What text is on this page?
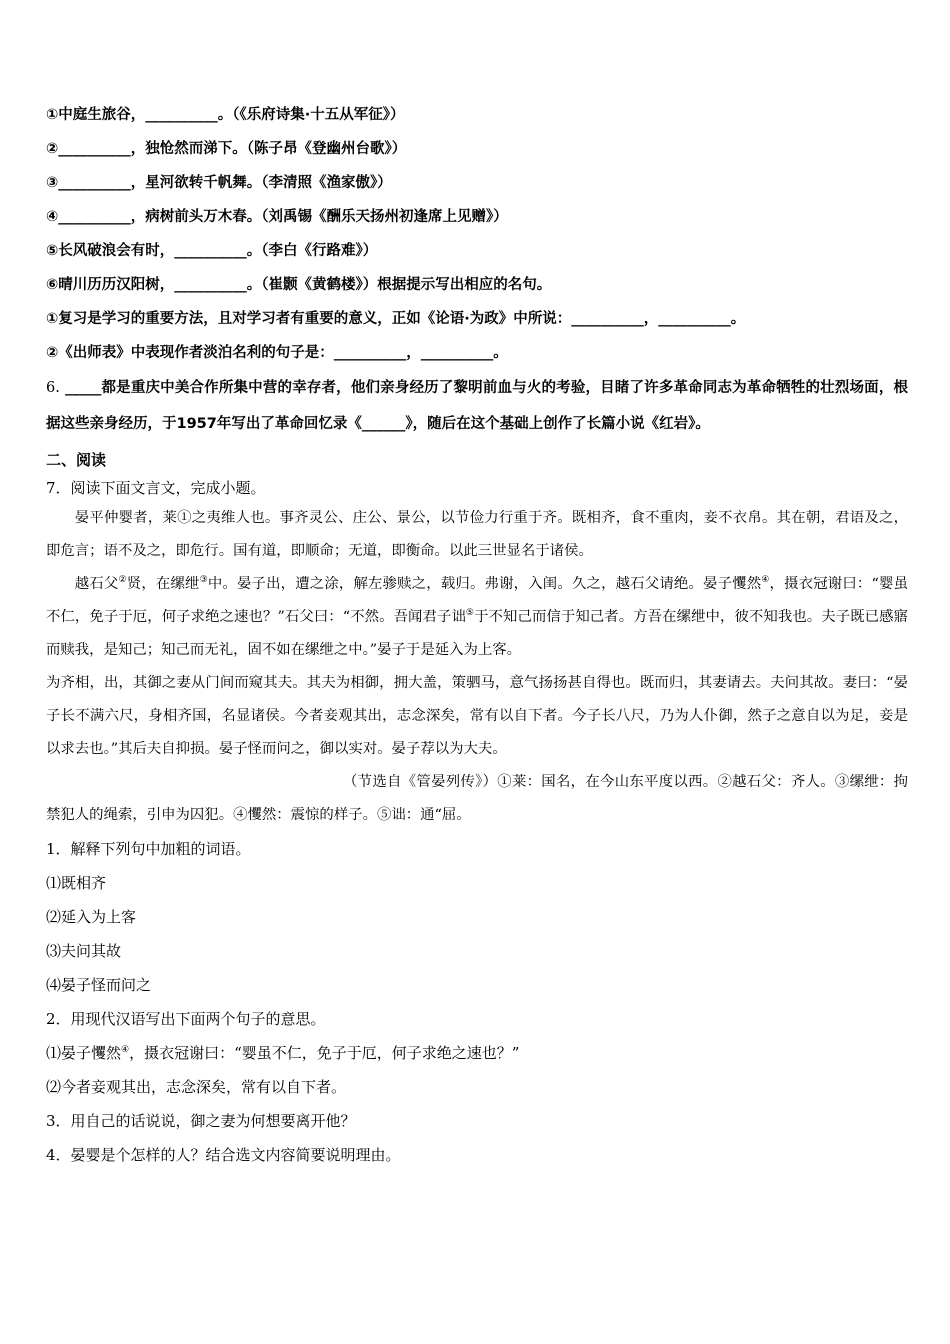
①中庭生旅谷，__________。（《乐府诗集·十五从军征》）

②__________，独怆然而涕下。（陈子昂《登幽州台歌》）

③__________，星河欲转千帆舞。（李清照《渔家傲》）

④__________，病树前头万木春。（刘禹锡《酬乐天扬州初逢席上见赠》）

⑤长风破浪会有时，__________。（李白《行路难》）

⑥晴川历历汉阳树，__________。（崔颢《黄鹤楼》）根据提示写出相应的名句。

①复习是学习的重要方法，且对学习者有重要的意义，正如《论语·为政》中所说：__________，__________。

②《出师表》中表现作者淡泊名利的句子是：__________，__________。

6. _____都是重庆中美合作所集中营的幸存者，他们亲身经历了黎明前血与火的考验，目睹了许多革命同志为革命牺牲的壮烈场面，根据这些亲身经历，于1957年写出了革命回忆录《______》，随后在这个基础上创作了长篇小说《红岩》。

二、阅读

7．阅读下面文言文，完成小题。

晏平仲婴者，莱①之夷维人也。事齐灵公、庄公、景公，以节俭力行重于齐。既相齐，食不重肉，妾不衣帛。其在朝，君语及之，即危言；语不及之，即危行。国有道，即顺命；无道，即衡命。以此三世显名于诸侯。

越石父②贤，在缧绁③中。晏子出，遭之涂，解左骖赎之，载归。弗谢，入闺。久之，越石父请绝。晏子戄然④，摄衣冠谢曰：“婴虽不仁，免子于厄，何子求绝之速也？”石父曰：“不然。吾闻君子诎⑤于不知己而信于知己者。方吾在缧绁中，彼不知我也。夫子既已感寤而赎我，是知己；知己而无礼，固不如在缧绁之中。”晏子于是延入为上客。

为齐相，出，其御之妻从门间而窥其夫。其夫为相御，拥大盖，策驷马，意气扬扬甚自得也。既而归，其妻请去。夫问其故。妻曰：“晏子长不满六尺，身相齐国，名显诸侯。今者妾观其出，志念深矣，常有以自下者。今子长八尺，乃为人仆御，然子之意自以为足，妾是以求去也。”其后夫自抑损。晏子怪而问之，御以实对。晏子荐以为大夫。

（节选自《管晏列传》）①莱：国名，在今山东平度以西。②越石父：齐人。③缧绁：拘禁犯人的绳索，引申为囚犯。④戄然：震惊的样子。⑤诎：通“屈。

1．解释下列句中加粗的词语。

⑴既相齐

⑵延入为上客

⑶夫问其故

⑷晏子怪而问之

2．用现代汉语写出下面两个句子的意思。

⑴晏子戄然④，摄衣冠谢曰：“婴虽不仁，免子于厄，何子求绝之速也？”

⑵今者妾观其出，志念深矣，常有以自下者。

3．用自己的话说说，御之妻为何想要离开他？

4．晏婴是个怎样的人？结合选文内容简要说明理由。
